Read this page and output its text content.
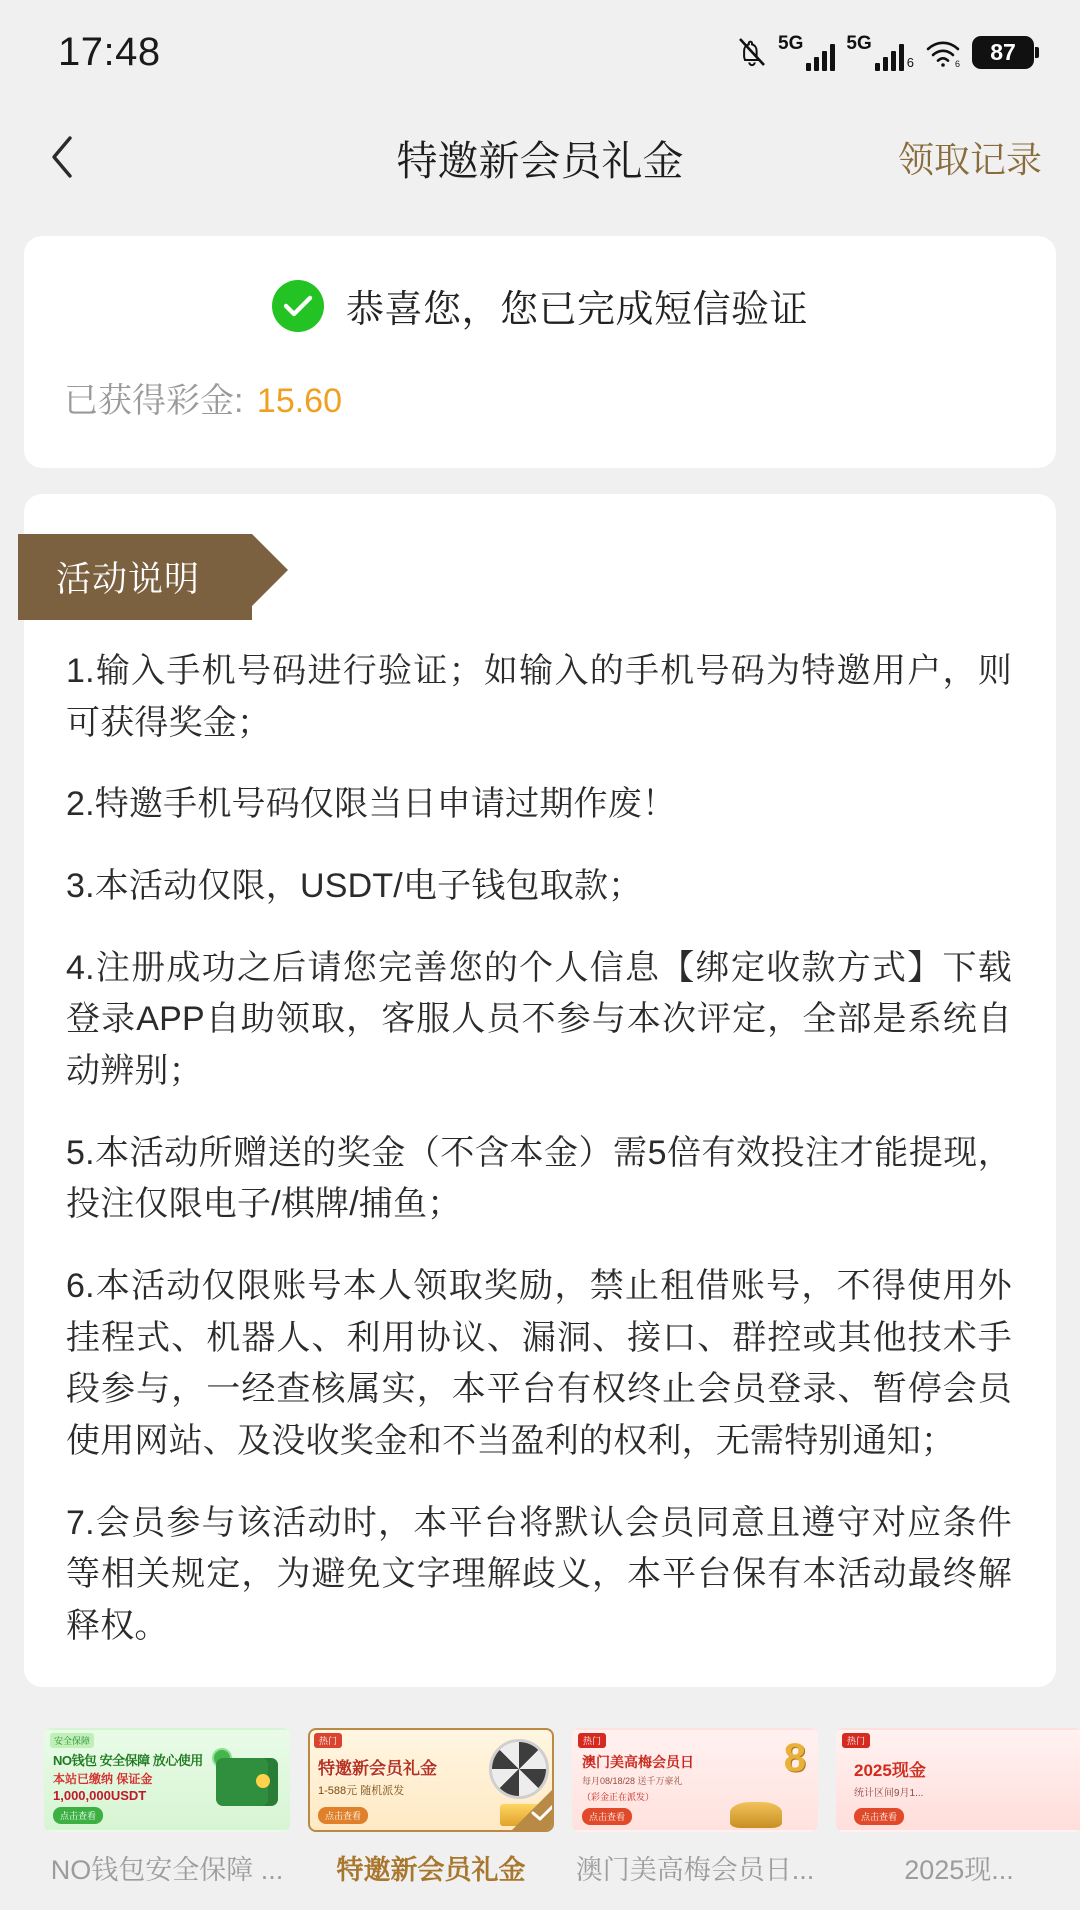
17:48	5G 5G
6	6 87
特邀新会员礼金	领取记录
恭喜您，您已完成短信验证
已获得彩金: 15.60
活动说明

1.输入手机号码进行验证；如输入的手机号码为特邀用户，则可获得奖金；

2.特邀手机号码仅限当日申请过期作废！

3.本活动仅限，USDT/电子钱包取款；

4.注册成功之后请您完善您的个人信息【绑定收款方式】下载登录APP自助领取，客服人员不参与本次评定，全部是系统自动辨别；

5.本活动所赠送的奖金（不含本金）需5倍有效投注才能提现，投注仅限电子/棋牌/捕鱼；

6.本活动仅限账号本人领取奖励，禁止租借账号，不得使用外挂程式、机器人、利用协议、漏洞、接口、群控或其他技术手段参与，一经查核属实，本平台有权终止会员登录、暂停会员使用网站、及没收奖金和不当盈利的权利，无需特别通知；

7.会员参与该活动时，本平台将默认会员同意且遵守对应条件等相关规定，为避免文字理解歧义，本平台保有本活动最终解释权。

安全保障
NO钱包 安全保障 放心使用
本站已缴纳 保证金
1,000,000USDT
点击查看
NO钱包安全保障 ...
热门
特邀新会员礼金
1-588元 随机派发
点击查看
特邀新会员礼金
热门	8
澳门美高梅会员日
每月08/18/28 送千万豪礼
（彩金正在派发）
点击查看
澳门美高梅会员日...
热门
2025现金
统计区间9月1...
点击查看
2025现...
